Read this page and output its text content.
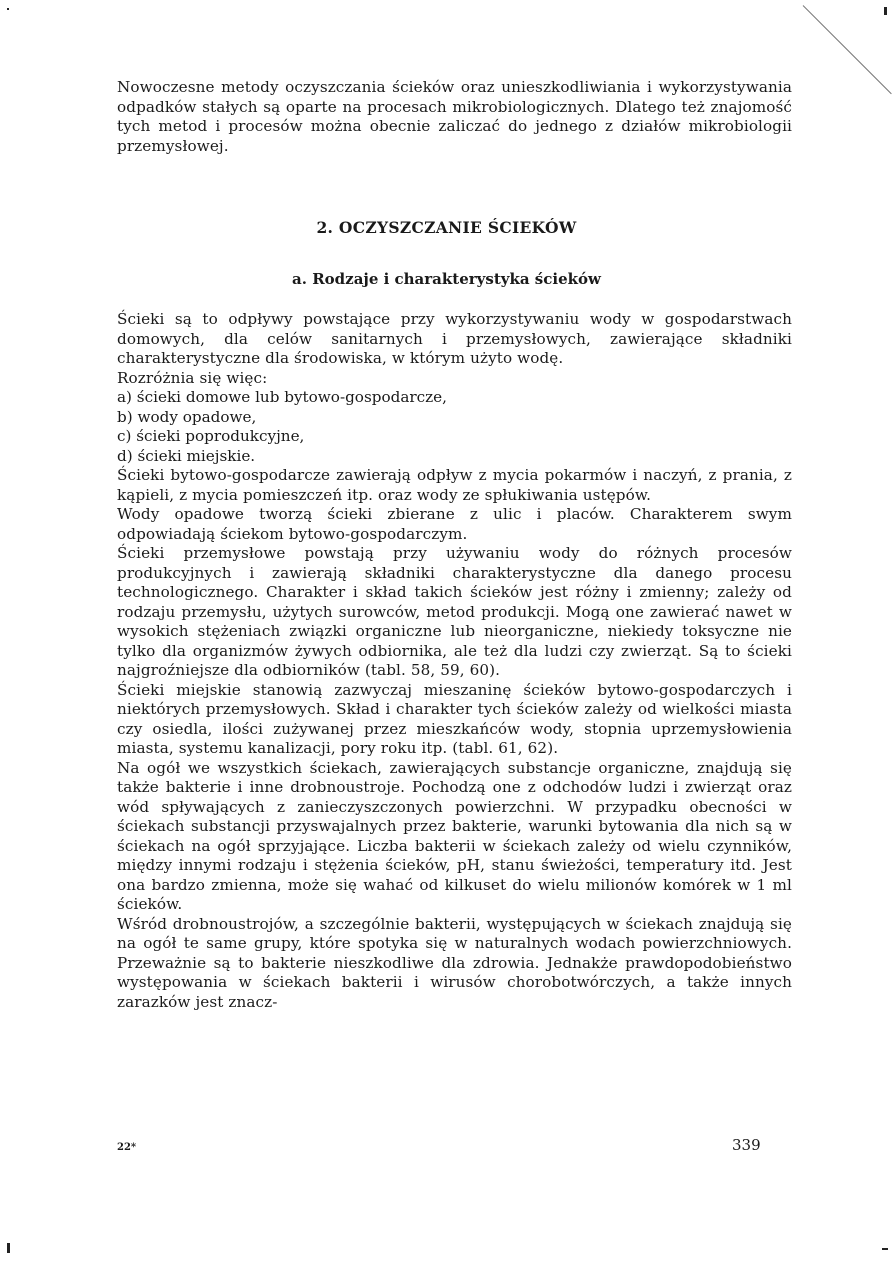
Nowoczesne metody oczyszczania ścieków oraz unieszkodliwiania i wykorzystywania odpadków stałych są oparte na procesach mikrobiologicznych. Dlatego też znajomość tych metod i procesów można obecnie zaliczać do jednego z działów mikrobiologii przemysłowej.

2. OCZYSZCZANIE ŚCIEKÓW
a. Rodzaje i charakterystyka ścieków

Ścieki są to odpływy powstające przy wykorzystywaniu wody w gospodarstwach domowych, dla celów sanitarnych i przemysłowych, zawierające składniki charakterystyczne dla środowiska, w którym użyto wodę.

Rozróżnia się więc:

a) ścieki domowe lub bytowo-gospodarcze,

b) wody opadowe,

c) ścieki poprodukcyjne,

d) ścieki miejskie.

Ścieki bytowo-gospodarcze zawierają odpływ z mycia pokarmów i naczyń, z prania, z kąpieli, z mycia pomieszczeń itp. oraz wody ze spłukiwania ustępów.

Wody opadowe tworzą ścieki zbierane z ulic i placów. Charakterem swym odpowiadają ściekom bytowo-gospodarczym.

Ścieki przemysłowe powstają przy używaniu wody do różnych procesów produkcyjnych i zawierają składniki charakterystyczne dla danego procesu technologicznego. Charakter i skład takich ścieków jest różny i zmienny; zależy od rodzaju przemysłu, użytych surowców, metod produkcji. Mogą one zawierać nawet w wysokich stężeniach związki organiczne lub nieorganiczne, niekiedy toksyczne nie tylko dla organizmów żywych odbiornika, ale też dla ludzi czy zwierząt. Są to ścieki najgroźniejsze dla odbiorników (tabl. 58, 59, 60).

Ścieki miejskie stanowią zazwyczaj mieszaninę ścieków bytowo-gospodarczych i niektórych przemysłowych. Skład i charakter tych ścieków zależy od wielkości miasta czy osiedla, ilości zużywanej przez mieszkańców wody, stopnia uprzemysłowienia miasta, systemu kanalizacji, pory roku itp. (tabl. 61, 62).

Na ogół we wszystkich ściekach, zawierających substancje organiczne, znajdują się także bakterie i inne drobnoustroje. Pochodzą one z odchodów ludzi i zwierząt oraz wód spływających z zanieczyszczonych powierzchni. W przypadku obecności w ściekach substancji przyswajalnych przez bakterie, warunki bytowania dla nich są w ściekach na ogół sprzyjające. Liczba bakterii w ściekach zależy od wielu czynników, między innymi rodzaju i stężenia ścieków, pH, stanu świeżości, temperatury itd. Jest ona bardzo zmienna, może się wahać od kilkuset do wielu milionów komórek w 1 ml ścieków.

Wśród drobnoustrojów, a szczególnie bakterii, występujących w ściekach znajdują się na ogół te same grupy, które spotyka się w naturalnych wodach powierzchniowych. Przeważnie są to bakterie nieszkodliwe dla zdrowia. Jednakże prawdopodobieństwo występowania w ściekach bakterii i wirusów chorobotwórczych, a także innych zarazków jest znacz-

22*	339
